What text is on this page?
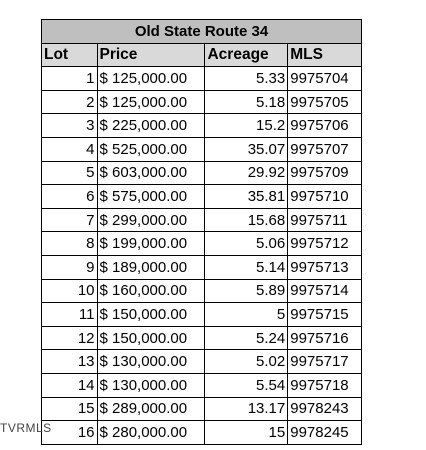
Old State Route 34			
Lot	Price	Acreage	MLS
1	$ 125,000.00	5.33	9975704
2	$ 125,000.00	5.18	9975705
3	$ 225,000.00	15.2	9975706
4	$ 525,000.00	35.07	9975707
5	$ 603,000.00	29.92	9975709
6	$ 575,000.00	35.81	9975710
7	$ 299,000.00	15.68	9975711
8	$ 199,000.00	5.06	9975712
9	$ 189,000.00	5.14	9975713
10	$ 160,000.00	5.89	9975714
11	$ 150,000.00	5	9975715
12	$ 150,000.00	5.24	9975716
13	$ 130,000.00	5.02	9975717
14	$ 130,000.00	5.54	9975718
15	$ 289,000.00	13.17	9978243
16	$ 280,000.00	15	9978245
TVRMLS
